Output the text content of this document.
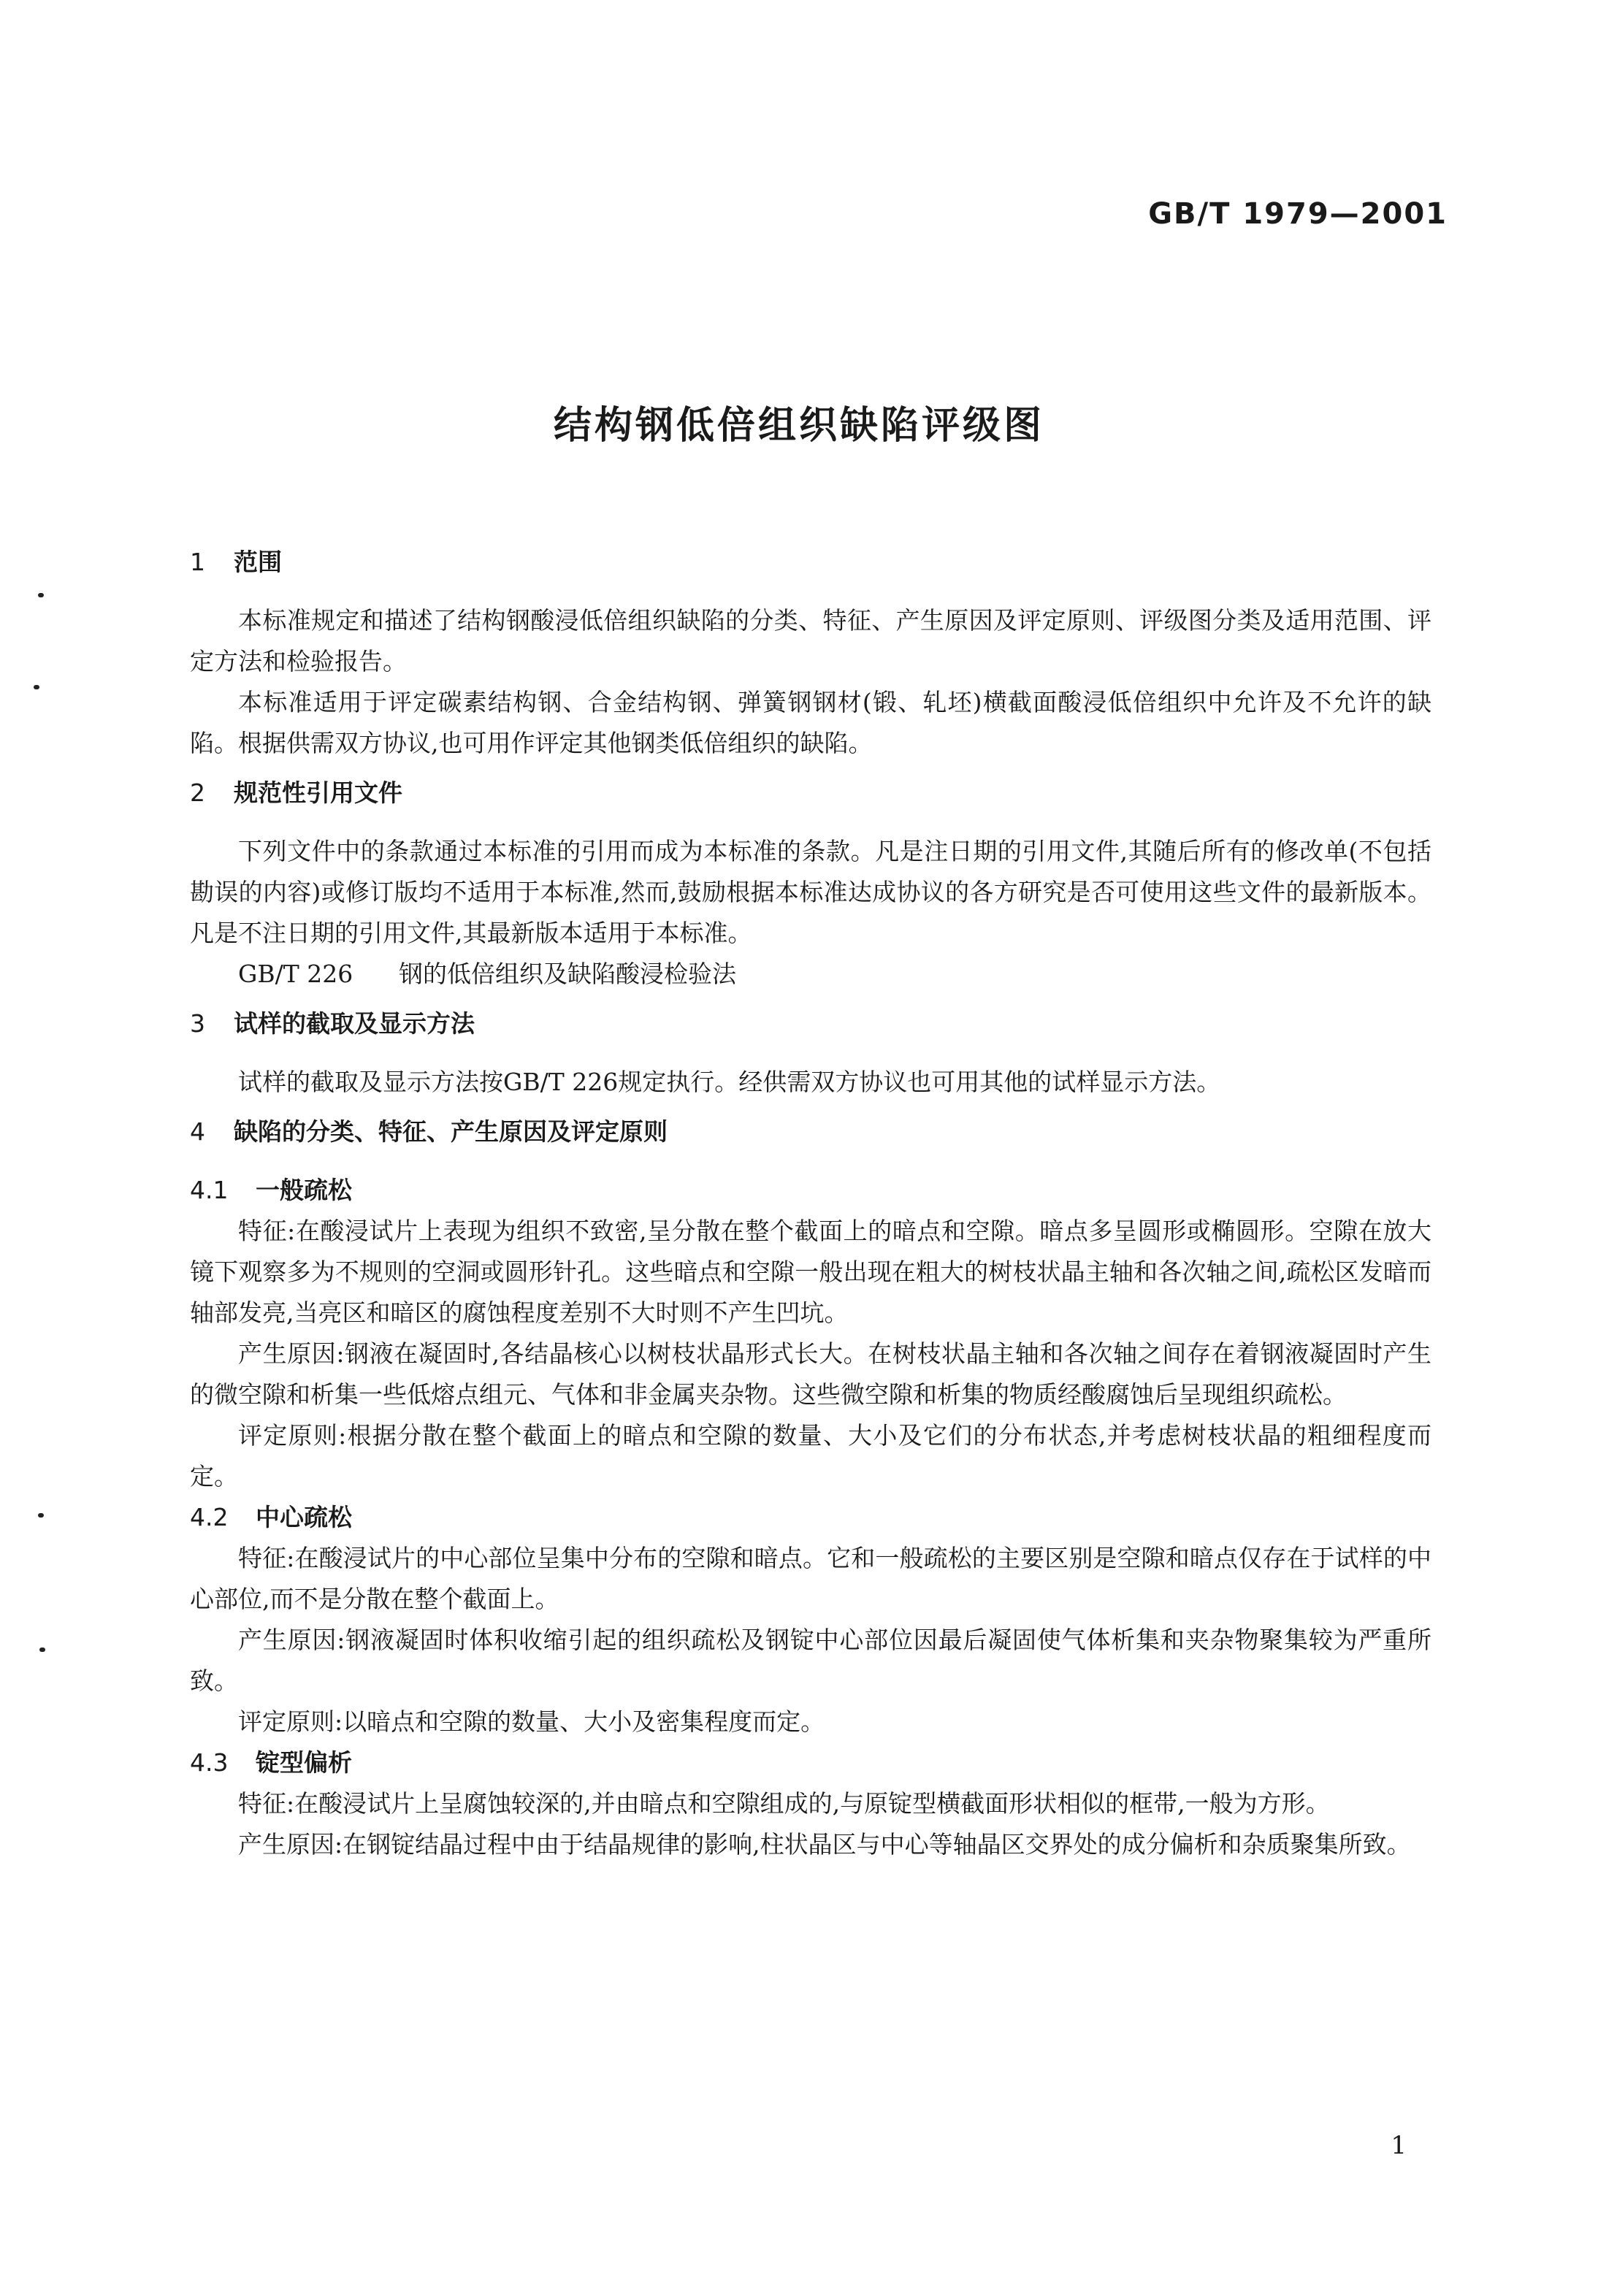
GB/T 1979—2001
结构钢低倍组织缺陷评级图
1 范围

本标准规定和描述了结构钢酸浸低倍组织缺陷的分类、特征、产生原因及评定原则、评级图分类及适用范围、评定方法和检验报告。

本标准适用于评定碳素结构钢、合金结构钢、弹簧钢钢材(锻、轧坯)横截面酸浸低倍组织中允许及不允许的缺陷。根据供需双方协议,也可用作评定其他钢类低倍组织的缺陷。

2 规范性引用文件

下列文件中的条款通过本标准的引用而成为本标准的条款。凡是注日期的引用文件,其随后所有的修改单(不包括勘误的内容)或修订版均不适用于本标准,然而,鼓励根据本标准达成协议的各方研究是否可使用这些文件的最新版本。凡是不注日期的引用文件,其最新版本适用于本标准。

GB/T 226 钢的低倍组织及缺陷酸浸检验法

3 试样的截取及显示方法

试样的截取及显示方法按GB/T 226规定执行。经供需双方协议也可用其他的试样显示方法。

4 缺陷的分类、特征、产生原因及评定原则
4.1 一般疏松

特征:在酸浸试片上表现为组织不致密,呈分散在整个截面上的暗点和空隙。暗点多呈圆形或椭圆形。空隙在放大镜下观察多为不规则的空洞或圆形针孔。这些暗点和空隙一般出现在粗大的树枝状晶主轴和各次轴之间,疏松区发暗而轴部发亮,当亮区和暗区的腐蚀程度差别不大时则不产生凹坑。

产生原因:钢液在凝固时,各结晶核心以树枝状晶形式长大。在树枝状晶主轴和各次轴之间存在着钢液凝固时产生的微空隙和析集一些低熔点组元、气体和非金属夹杂物。这些微空隙和析集的物质经酸腐蚀后呈现组织疏松。

评定原则:根据分散在整个截面上的暗点和空隙的数量、大小及它们的分布状态,并考虑树枝状晶的粗细程度而定。

4.2 中心疏松

特征:在酸浸试片的中心部位呈集中分布的空隙和暗点。它和一般疏松的主要区别是空隙和暗点仅存在于试样的中心部位,而不是分散在整个截面上。

产生原因:钢液凝固时体积收缩引起的组织疏松及钢锭中心部位因最后凝固使气体析集和夹杂物聚集较为严重所致。

评定原则:以暗点和空隙的数量、大小及密集程度而定。

4.3 锭型偏析

特征:在酸浸试片上呈腐蚀较深的,并由暗点和空隙组成的,与原锭型横截面形状相似的框带,一般为方形。

产生原因:在钢锭结晶过程中由于结晶规律的影响,柱状晶区与中心等轴晶区交界处的成分偏析和杂质聚集所致。

1
